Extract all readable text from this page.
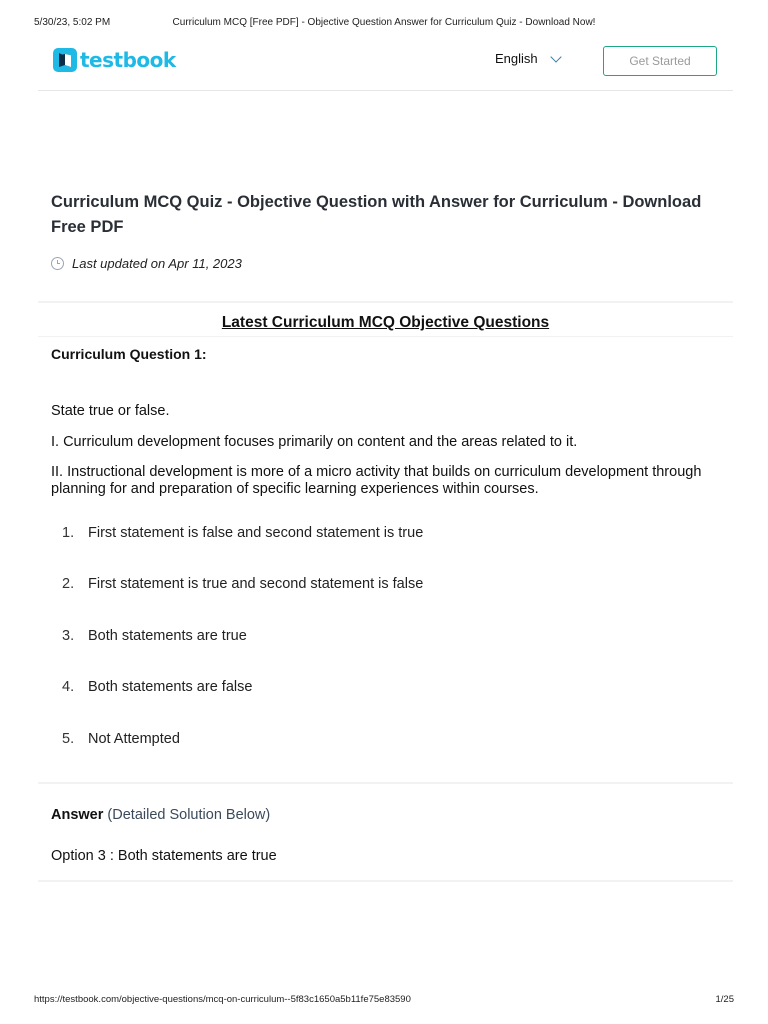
5/30/23, 5:02 PM	Curriculum MCQ [Free PDF] - Objective Question Answer for Curriculum Quiz - Download Now!
testbook	English	Get Started
Curriculum MCQ Quiz - Objective Question with Answer for Curriculum - Download Free PDF
Last updated on Apr 11, 2023
Latest Curriculum MCQ Objective Questions
Curriculum Question 1:
State true or false.
I. Curriculum development focuses primarily on content and the areas related to it.
II. Instructional development is more of a micro activity that builds on curriculum development through planning for and preparation of specific learning experiences within courses.
1. First statement is false and second statement is true
2. First statement is true and second statement is false
3. Both statements are true
4. Both statements are false
5. Not Attempted
Answer (Detailed Solution Below)
Option 3 : Both statements are true
https://testbook.com/objective-questions/mcq-on-curriculum--5f83c1650a5b11fe75e83590	1/25
